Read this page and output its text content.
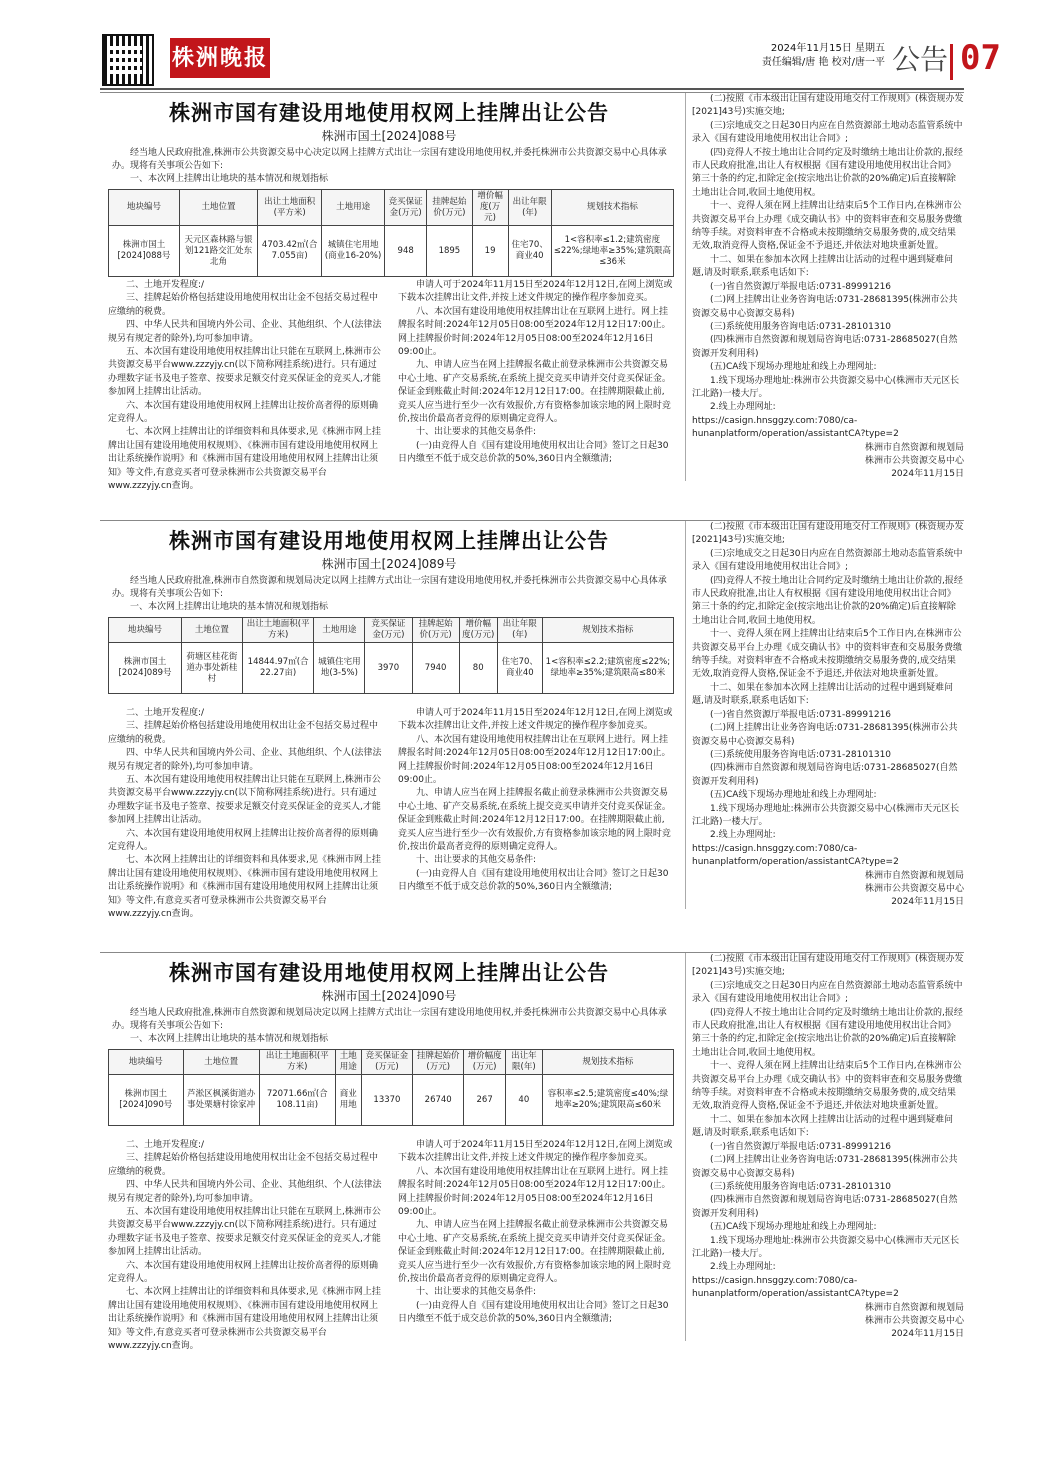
株洲晚报	2024年11月15日 星期五
责任编辑/唐 艳 校对/唐一平 公告 07
株洲市国有建设用地使用权网上挂牌出让公告
株洲市国土[2024]088号
经当地人民政府批准,株洲市公共资源交易中心决定以网上挂牌方式出让一宗国有建设用地使用权,并委托株洲市公共资源交易中心具体承办。现将有关事项公告如下:
一、本次网上挂牌出让地块的基本情况和规划指标
地块编号	土地位置	出让土地面积(平方米)	土地用途	竞买保证金(万元)	挂牌起始价(万元)	增价幅度(万元)	出让年限(年)	规划技术指标
株洲市国土[2024]088号	天元区森林路与银划121路交汇处东北角	4703.42㎡(合7.055亩)	城镇住宅用地(商业16-20%)	948	1895	19	住宅70、商业40	1<容积率≤1.2;建筑密度≤22%;绿地率≥35%;建筑限高≤36米

二、土地开发程度:/

三、挂牌起始价格包括建设用地使用权出让金不包括交易过程中应缴纳的税费。

四、中华人民共和国境内外公司、企业、其他组织、个人(法律法规另有规定者的除外),均可参加申请。

五、本次国有建设用地使用权挂牌出让只能在互联网上,株洲市公共资源交易平台www.zzzyjy.cn(以下简称网挂系统)进行。只有通过办理数字证书及电子签章、按要求足额交付竞买保证金的竞买人,才能参加网上挂牌出让活动。

六、本次国有建设用地使用权网上挂牌出让按价高者得的原则确定竞得人。

七、本次网上挂牌出让的详细资料和具体要求,见《株洲市网上挂牌出让国有建设用地使用权规则》、《株洲市国有建设用地使用权网上出让系统操作说明》和《株洲市国有建设用地使用权网上挂牌出让须知》等文件,有意竞买者可登录株洲市公共资源交易平台www.zzzyjy.cn查询。

申请人可于2024年11月15日至2024年12月12日,在网上浏览或下载本次挂牌出让文件,并按上述文件规定的操作程序参加竞买。

八、本次国有建设用地使用权挂牌出让在互联网上进行。网上挂牌报名时间:2024年12月05日08:00至2024年12月12日17:00止。网上挂牌报价时间:2024年12月05日08:00至2024年12月16日09:00止。

九、申请人应当在网上挂牌报名截止前登录株洲市公共资源交易中心土地、矿产交易系统,在系统上提交竞买申请并交付竞买保证金。保证金到账截止时间:2024年12月12日17:00。在挂牌期限截止前,竞买人应当进行至少一次有效报价,方有资格参加该宗地的网上限时竞价,按出价最高者竞得的原则确定竞得人。

十、出让要求的其他交易条件:

(一)由竞得人自《国有建设用地使用权出让合同》签订之日起30日内缴至不低于成交总价款的50%,360日内全额缴清;

(二)按照《市本级出让国有建设用地交付工作规则》(株资规办发[2021]43号)实施交地;

(三)宗地成交之日起30日内应在自然资源部土地动态监管系统中录入《国有建设用地使用权出让合同》;

(四)竞得人不按土地出让合同约定及时缴纳土地出让价款的,报经市人民政府批准,出让人有权根据《国有建设用地使用权出让合同》第三十条的约定,扣除定金(按宗地出让价款的20%确定)后直接解除土地出让合同,收回土地使用权。

十一、竞得人须在网上挂牌出让结束后5个工作日内,在株洲市公共资源交易平台上办理《成交确认书》中的资料审查和交易服务费缴纳等手续。对资料审查不合格或未按期缴纳交易服务费的,成交结果无效,取消竞得人资格,保证金不予退还,并依法对地块重新处置。

十二、如果在参加本次网上挂牌出让活动的过程中遇到疑难问题,请及时联系,联系电话如下:

(一)省自然资源厅举报电话:0731-89991216

(二)网上挂牌出让业务咨询电话:0731-28681395(株洲市公共资源交易中心资源交易科)

(三)系统使用服务咨询电话:0731-28101310

(四)株洲市自然资源和规划局咨询电话:0731-28685027(自然资源开发利用科)

(五)CA线下现场办理地址和线上办理网址:

1.线下现场办理地址:株洲市公共资源交易中心(株洲市天元区长江北路)一楼大厅。

2.线上办理网址:

https://casign.hnsggzy.com:7080/ca-hunanplatform/operation/assistantCA?type=2

株洲市自然资源和规划局
株洲市公共资源交易中心
2024年11月15日
株洲市国有建设用地使用权网上挂牌出让公告
株洲市国土[2024]089号
经当地人民政府批准,株洲市自然资源和规划局决定以网上挂牌方式出让一宗国有建设用地使用权,并委托株洲市公共资源交易中心具体承办。现将有关事项公告如下:
一、本次网上挂牌出让地块的基本情况和规划指标
地块编号	土地位置	出让土地面积(平方米)	土地用途	竞买保证金(万元)	挂牌起始价(万元)	增价幅度(万元)	出让年限(年)	规划技术指标
株洲市国土[2024]089号	荷塘区桂花街道办事处新桂村	14844.97㎡(合22.27亩)	城镇住宅用地(3-5%)	3970	7940	80	住宅70、商业40	1<容积率≤2.2;建筑密度≤22%;绿地率≥35%;建筑限高≤80米

二、土地开发程度:/

三、挂牌起始价格包括建设用地使用权出让金不包括交易过程中应缴纳的税费。

四、中华人民共和国境内外公司、企业、其他组织、个人(法律法规另有规定者的除外),均可参加申请。

五、本次国有建设用地使用权挂牌出让只能在互联网上,株洲市公共资源交易平台www.zzzyjy.cn(以下简称网挂系统)进行。只有通过办理数字证书及电子签章、按要求足额交付竞买保证金的竞买人,才能参加网上挂牌出让活动。

六、本次国有建设用地使用权网上挂牌出让按价高者得的原则确定竞得人。

七、本次网上挂牌出让的详细资料和具体要求,见《株洲市网上挂牌出让国有建设用地使用权规则》、《株洲市国有建设用地使用权网上出让系统操作说明》和《株洲市国有建设用地使用权网上挂牌出让须知》等文件,有意竞买者可登录株洲市公共资源交易平台www.zzzyjy.cn查询。

申请人可于2024年11月15日至2024年12月12日,在网上浏览或下载本次挂牌出让文件,并按上述文件规定的操作程序参加竞买。

八、本次国有建设用地使用权挂牌出让在互联网上进行。网上挂牌报名时间:2024年12月05日08:00至2024年12月12日17:00止。网上挂牌报价时间:2024年12月05日08:00至2024年12月16日09:00止。

九、申请人应当在网上挂牌报名截止前登录株洲市公共资源交易中心土地、矿产交易系统,在系统上提交竞买申请并交付竞买保证金。保证金到账截止时间:2024年12月12日17:00。在挂牌期限截止前,竞买人应当进行至少一次有效报价,方有资格参加该宗地的网上限时竞价,按出价最高者竞得的原则确定竞得人。

十、出让要求的其他交易条件:

(一)由竞得人自《国有建设用地使用权出让合同》签订之日起30日内缴至不低于成交总价款的50%,360日内全额缴清;

(二)按照《市本级出让国有建设用地交付工作规则》(株资规办发[2021]43号)实施交地;

(三)宗地成交之日起30日内应在自然资源部土地动态监管系统中录入《国有建设用地使用权出让合同》;

(四)竞得人不按土地出让合同约定及时缴纳土地出让价款的,报经市人民政府批准,出让人有权根据《国有建设用地使用权出让合同》第三十条的约定,扣除定金(按宗地出让价款的20%确定)后直接解除土地出让合同,收回土地使用权。

十一、竞得人须在网上挂牌出让结束后5个工作日内,在株洲市公共资源交易平台上办理《成交确认书》中的资料审查和交易服务费缴纳等手续。对资料审查不合格或未按期缴纳交易服务费的,成交结果无效,取消竞得人资格,保证金不予退还,并依法对地块重新处置。

十二、如果在参加本次网上挂牌出让活动的过程中遇到疑难问题,请及时联系,联系电话如下:

(一)省自然资源厅举报电话:0731-89991216

(二)网上挂牌出让业务咨询电话:0731-28681395(株洲市公共资源交易中心资源交易科)

(三)系统使用服务咨询电话:0731-28101310

(四)株洲市自然资源和规划局咨询电话:0731-28685027(自然资源开发利用科)

(五)CA线下现场办理地址和线上办理网址:

1.线下现场办理地址:株洲市公共资源交易中心(株洲市天元区长江北路)一楼大厅。

2.线上办理网址:

https://casign.hnsggzy.com:7080/ca-hunanplatform/operation/assistantCA?type=2

株洲市自然资源和规划局
株洲市公共资源交易中心
2024年11月15日
株洲市国有建设用地使用权网上挂牌出让公告
株洲市国土[2024]090号
经当地人民政府批准,株洲市自然资源和规划局决定以网上挂牌方式出让一宗国有建设用地使用权,并委托株洲市公共资源交易中心具体承办。现将有关事项公告如下:
一、本次网上挂牌出让地块的基本情况和规划指标
地块编号	土地位置	出让土地面积(平方米)	土地用途	竞买保证金(万元)	挂牌起始价(万元)	增价幅度(万元)	出让年限(年)	规划技术指标
株洲市国土[2024]090号	芦淞区枫溪街道办事处栗塘村徐家冲	72071.66㎡(合108.11亩)	商业用地	13370	26740	267	40	容积率≤2.5;建筑密度≤40%;绿地率≥20%;建筑限高≤60米

二、土地开发程度:/

三、挂牌起始价格包括建设用地使用权出让金不包括交易过程中应缴纳的税费。

四、中华人民共和国境内外公司、企业、其他组织、个人(法律法规另有规定者的除外),均可参加申请。

五、本次国有建设用地使用权挂牌出让只能在互联网上,株洲市公共资源交易平台www.zzzyjy.cn(以下简称网挂系统)进行。只有通过办理数字证书及电子签章、按要求足额交付竞买保证金的竞买人,才能参加网上挂牌出让活动。

六、本次国有建设用地使用权网上挂牌出让按价高者得的原则确定竞得人。

七、本次网上挂牌出让的详细资料和具体要求,见《株洲市网上挂牌出让国有建设用地使用权规则》、《株洲市国有建设用地使用权网上出让系统操作说明》和《株洲市国有建设用地使用权网上挂牌出让须知》等文件,有意竞买者可登录株洲市公共资源交易平台www.zzzyjy.cn查询。

申请人可于2024年11月15日至2024年12月12日,在网上浏览或下载本次挂牌出让文件,并按上述文件规定的操作程序参加竞买。

八、本次国有建设用地使用权挂牌出让在互联网上进行。网上挂牌报名时间:2024年12月05日08:00至2024年12月12日17:00止。网上挂牌报价时间:2024年12月05日08:00至2024年12月16日09:00止。

九、申请人应当在网上挂牌报名截止前登录株洲市公共资源交易中心土地、矿产交易系统,在系统上提交竞买申请并交付竞买保证金。保证金到账截止时间:2024年12月12日17:00。在挂牌期限截止前,竞买人应当进行至少一次有效报价,方有资格参加该宗地的网上限时竞价,按出价最高者竞得的原则确定竞得人。

十、出让要求的其他交易条件:

(一)由竞得人自《国有建设用地使用权出让合同》签订之日起30日内缴至不低于成交总价款的50%,360日内全额缴清;

(二)按照《市本级出让国有建设用地交付工作规则》(株资规办发[2021]43号)实施交地;

(三)宗地成交之日起30日内应在自然资源部土地动态监管系统中录入《国有建设用地使用权出让合同》;

(四)竞得人不按土地出让合同约定及时缴纳土地出让价款的,报经市人民政府批准,出让人有权根据《国有建设用地使用权出让合同》第三十条的约定,扣除定金(按宗地出让价款的20%确定)后直接解除土地出让合同,收回土地使用权。

十一、竞得人须在网上挂牌出让结束后5个工作日内,在株洲市公共资源交易平台上办理《成交确认书》中的资料审查和交易服务费缴纳等手续。对资料审查不合格或未按期缴纳交易服务费的,成交结果无效,取消竞得人资格,保证金不予退还,并依法对地块重新处置。

十二、如果在参加本次网上挂牌出让活动的过程中遇到疑难问题,请及时联系,联系电话如下:

(一)省自然资源厅举报电话:0731-89991216

(二)网上挂牌出让业务咨询电话:0731-28681395(株洲市公共资源交易中心资源交易科)

(三)系统使用服务咨询电话:0731-28101310

(四)株洲市自然资源和规划局咨询电话:0731-28685027(自然资源开发利用科)

(五)CA线下现场办理地址和线上办理网址:

1.线下现场办理地址:株洲市公共资源交易中心(株洲市天元区长江北路)一楼大厅。

2.线上办理网址:

https://casign.hnsggzy.com:7080/ca-hunanplatform/operation/assistantCA?type=2

株洲市自然资源和规划局
株洲市公共资源交易中心
2024年11月15日
